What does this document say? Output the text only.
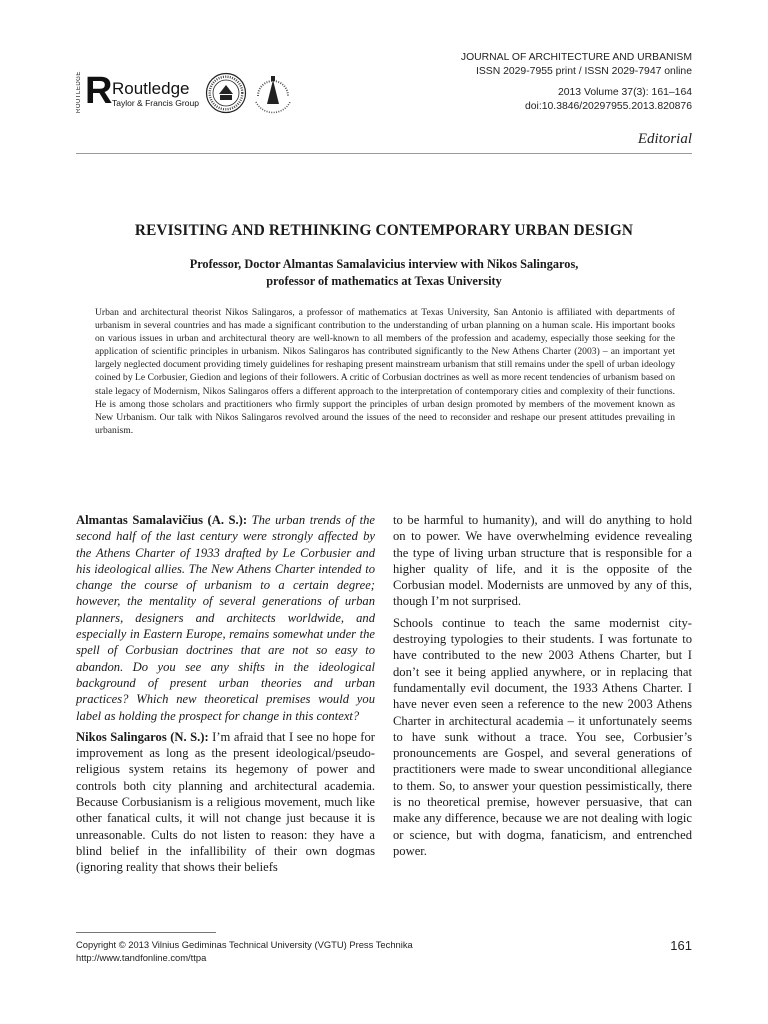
ROUTLEDGE R Routledge
Taylor & Francis Group
JOURNAL OF ARCHITECTURE AND URBANISM
ISSN 2029-7955 print / ISSN 2029-7947 online
2013 Volume 37(3): 161–164
doi:10.3846/20297955.2013.820876
Editorial
REVISITING AND RETHINKING CONTEMPORARY URBAN DESIGN
Professor, Doctor Almantas Samalavicius interview with Nikos Salingaros,
professor of mathematics at Texas University
Urban and architectural theorist Nikos Salingaros, a professor of mathematics at Texas University, San Antonio is affiliated with departments of urbanism in several countries and has made a significant contribution to the understanding of urban planning on a human scale. His important books on various issues in urban and architectural theory are well-known to all members of the profession and academy, especially those seeking for the application of scientific principles in urbanism. Nikos Salingaros has contributed significantly to the New Athens Charter (2003) – an important yet largely neglected document providing timely guidelines for reshaping present mainstream urbanism that still remains under the spell of urban ideology coined by Le Corbusier, Giedion and legions of their followers. A critic of Corbusian doctrines as well as more recent tendencies of urbanism based on stale legacy of Modernism, Nikos Salingaros offers a different approach to the interpretation of contemporary cities and complexity of their functions. He is among those scholars and practitioners who firmly support the principles of urban design promoted by members of the movement known as New Urbanism. Our talk with Nikos Salingaros revolved around the issues of the need to reconsider and reshape our present attitudes prevailing in urbanism.

Almantas Samalavičius (A. S.): The urban trends of the second half of the last century were strongly affected by the Athens Charter of 1933 drafted by Le Corbusier and his ideological allies. The New Athens Charter intended to change the course of urbanism to a certain degree; however, the mentality of several generations of urban planners, designers and architects worldwide, and especially in Eastern Europe, remains somewhat under the spell of Corbusian doctrines that are not so easy to abandon. Do you see any shifts in the ideological background of present urban theories and urban practices? Which new theoretical premises would you label as holding the prospect for change in this context?

Nikos Salingaros (N. S.): I’m afraid that I see no hope for improvement as long as the present ideological/pseudo-religious system retains its hegemony of power and controls both city planning and architectural academia. Because Corbusianism is a religious movement, much like other fanatical cults, it will not change just because it is unreasonable. Cults do not listen to reason: they have a blind belief in the infallibility of their own dogmas (ignoring reality that shows their beliefs

to be harmful to humanity), and will do anything to hold on to power. We have overwhelming evidence revealing the type of living urban structure that is responsible for a higher quality of life, and it is the opposite of the Corbusian model. Modernists are unmoved by any of this, though I’m not surprised.

Schools continue to teach the same modernist city-destroying typologies to their students. I was fortunate to have contributed to the new 2003 Athens Charter, but I don’t see it being applied anywhere, or in replacing that fundamentally evil document, the 1933 Athens Charter. I have never even seen a reference to the new 2003 Athens Charter in architectural academia – it unfortunately seems to have sunk without a trace. You see, Corbusier’s pronouncements are Gospel, and several generations of practitioners were made to swear unconditional allegiance to them. So, to answer your question pessimistically, there is no theoretical premise, however persuasive, that can make any difference, because we are not dealing with logic or science, but with dogma, fanaticism, and entrenched power.

Copyright © 2013 Vilnius Gediminas Technical University (VGTU) Press Technika
http://www.tandfonline.com/ttpa
161
